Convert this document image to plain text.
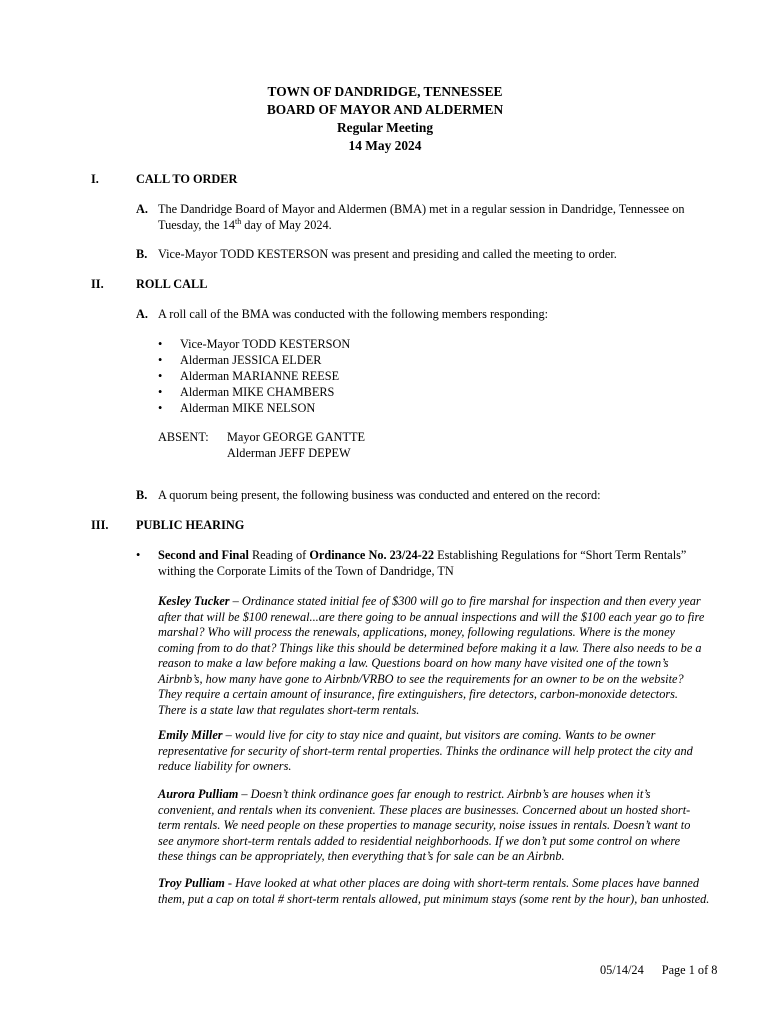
TOWN OF DANDRIDGE, TENNESSEE
BOARD OF MAYOR AND ALDERMEN
Regular Meeting
14 May 2024
I.	CALL TO ORDER
A. The Dandridge Board of Mayor and Aldermen (BMA) met in a regular session in Dandridge, Tennessee on
Tuesday, the 14th day of May 2024.
B. Vice-Mayor TODD KESTERSON was present and presiding and called the meeting to order.
II.	ROLL CALL
A. A roll call of the BMA was conducted with the following members responding:
• Vice-Mayor TODD KESTERSON
• Alderman JESSICA ELDER
• Alderman MARIANNE REESE
• Alderman MIKE CHAMBERS
• Alderman MIKE NELSON
ABSENT: Mayor GEORGE GANTTE
Alderman JEFF DEPEW
B. A quorum being present, the following business was conducted and entered on the record:
III. PUBLIC HEARING
• Second and Final Reading of Ordinance No. 23/24-22 Establishing Regulations for “Short Term Rentals”
withing the Corporate Limits of the Town of Dandridge, TN
Kesley Tucker – Ordinance stated initial fee of $300 will go to fire marshal for inspection and then every year
after that will be $100 renewal...are there going to be annual inspections and will the $100 each year go to fire
marshal? Who will process the renewals, applications, money, following regulations. Where is the money
coming from to do that? Things like this should be determined before making it a law. There also needs to be a
reason to make a law before making a law. Questions board on how many have visited one of the town’s
Airbnb’s, how many have gone to Airbnb/VRBO to see the requirements for an owner to be on the website?
They require a certain amount of insurance, fire extinguishers, fire detectors, carbon-monoxide detectors.
There is a state law that regulates short-term rentals.
Emily Miller – would live for city to stay nice and quaint, but visitors are coming. Wants to be owner
representative for security of short-term rental properties. Thinks the ordinance will help protect the city and
reduce liability for owners.
Aurora Pulliam – Doesn’t think ordinance goes far enough to restrict. Airbnb’s are houses when it’s
convenient, and rentals when its convenient. These places are businesses. Concerned about un hosted short-
term rentals. We need people on these properties to manage security, noise issues in rentals. Doesn’t want to
see anymore short-term rentals added to residential neighborhoods. If we don’t put some control on where
these things can be appropriately, then everything that’s for sale can be an Airbnb.
Troy Pulliam - Have looked at what other places are doing with short-term rentals. Some places have banned
them, put a cap on total # short-term rentals allowed, put minimum stays (some rent by the hour), ban unhosted.
05/14/24 Page 1 of 8
